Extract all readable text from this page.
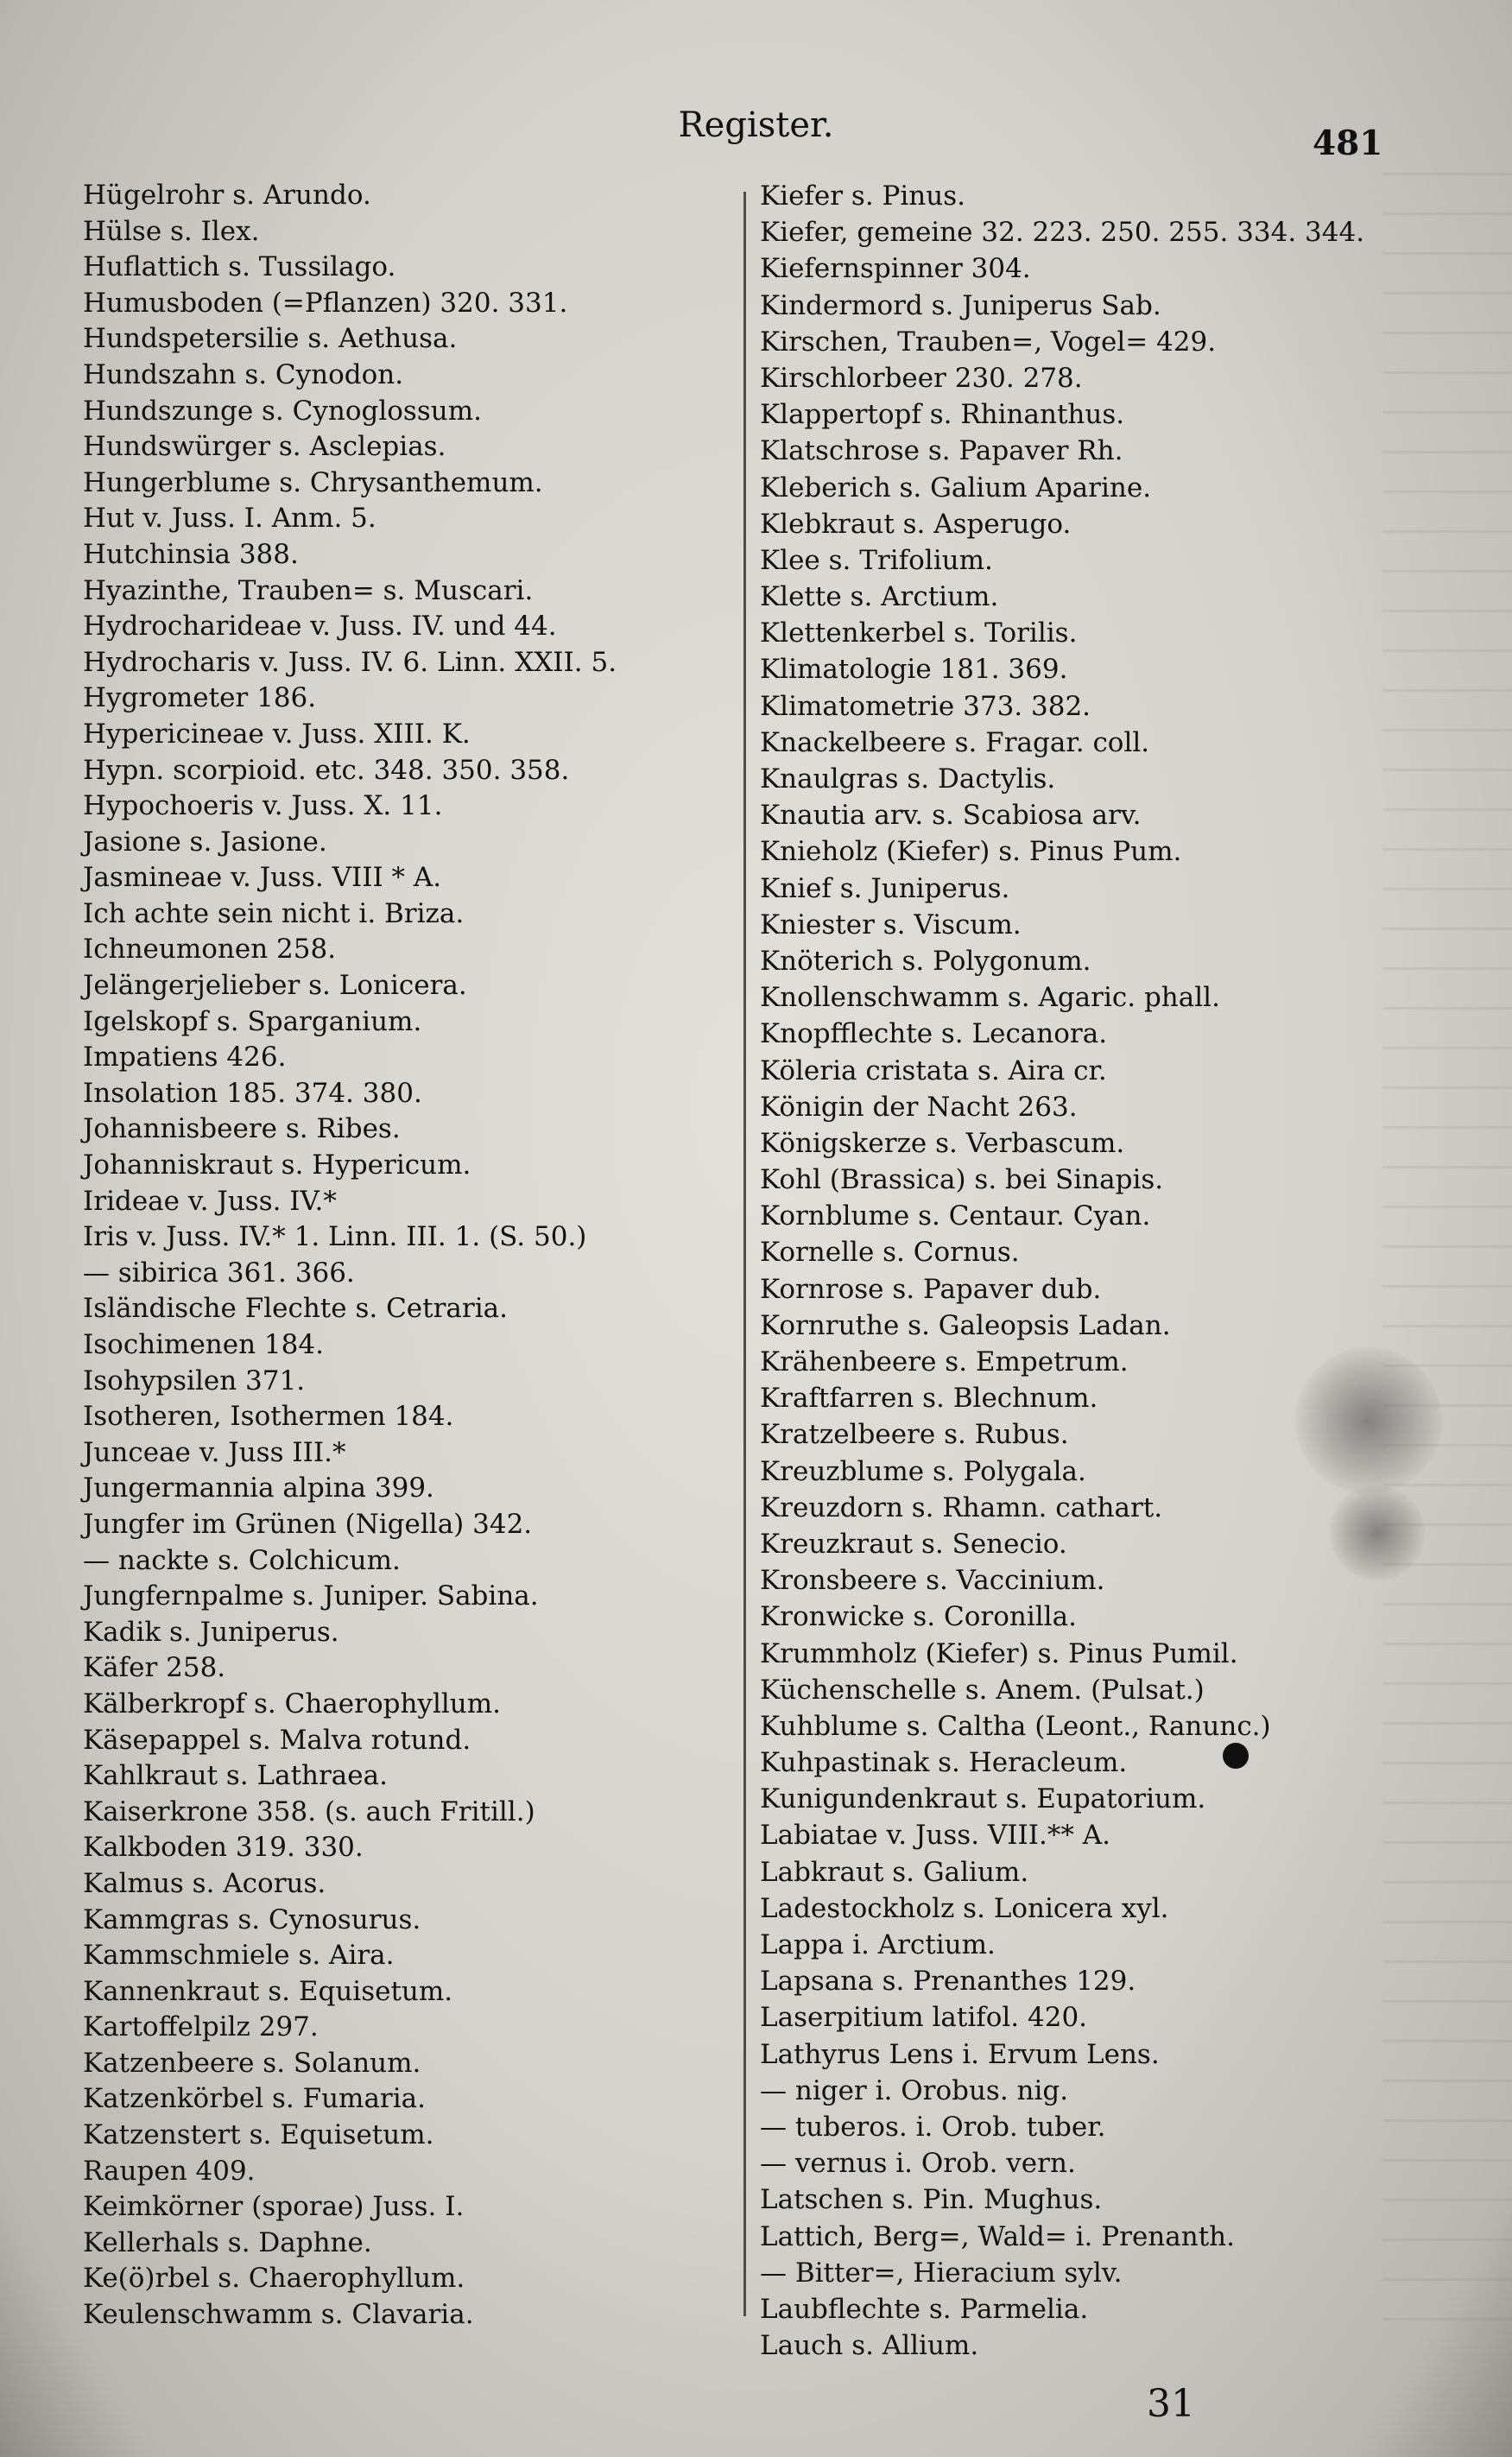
Register.	481
Hügelrohr s. Arundo.
Hülse s. Ilex.
Huflattich s. Tussilago.
Humusboden (=Pflanzen) 320. 331.
Hundspetersilie s. Aethusa.
Hundszahn s. Cynodon.
Hundszunge s. Cynoglossum.
Hundswürger s. Asclepias.
Hungerblume s. Chrysanthemum.
Hut v. Juss. I. Anm. 5.
Hutchinsia 388.
Hyazinthe, Trauben= s. Muscari.
Hydrocharideae v. Juss. IV. und 44.
Hydrocharis v. Juss. IV. 6. Linn. XXII. 5.
Hygrometer 186.
Hypericineae v. Juss. XIII. K.
Hypn. scorpioid. etc. 348. 350. 358.
Hypochoeris v. Juss. X. 11.
Jasione s. Jasione.
Jasmineae v. Juss. VIII * A.
Ich achte sein nicht i. Briza.
Ichneumonen 258.
Jelängerjelieber s. Lonicera.
Igelskopf s. Sparganium.
Impatiens 426.
Insolation 185. 374. 380.
Johannisbeere s. Ribes.
Johanniskraut s. Hypericum.
Irideae v. Juss. IV.*
Iris v. Juss. IV.* 1. Linn. III. 1. (S. 50.)
— sibirica 361. 366.
Isländische Flechte s. Cetraria.
Isochimenen 184.
Isohypsilen 371.
Isotheren, Isothermen 184.
Junceae v. Juss III.*
Jungermannia alpina 399.
Jungfer im Grünen (Nigella) 342.
— nackte s. Colchicum.
Jungfernpalme s. Juniper. Sabina.
Kadik s. Juniperus.
Käfer 258.
Kälberkropf s. Chaerophyllum.
Käsepappel s. Malva rotund.
Kahlkraut s. Lathraea.
Kaiserkrone 358. (s. auch Fritill.)
Kalkboden 319. 330.
Kalmus s. Acorus.
Kammgras s. Cynosurus.
Kammschmiele s. Aira.
Kannenkraut s. Equisetum.
Kartoffelpilz 297.
Katzenbeere s. Solanum.
Katzenkörbel s. Fumaria.
Katzenstert s. Equisetum.
Raupen 409.
Keimkörner (sporae) Juss. I.
Kellerhals s. Daphne.
Ke(ö)rbel s. Chaerophyllum.
Keulenschwamm s. Clavaria.
Kiefer s. Pinus.
Kiefer, gemeine 32. 223. 250. 255. 334. 344.
Kiefernspinner 304.
Kindermord s. Juniperus Sab.
Kirschen, Trauben=, Vogel= 429.
Kirschlorbeer 230. 278.
Klappertopf s. Rhinanthus.
Klatschrose s. Papaver Rh.
Kleberich s. Galium Aparine.
Klebkraut s. Asperugo.
Klee s. Trifolium.
Klette s. Arctium.
Klettenkerbel s. Torilis.
Klimatologie 181. 369.
Klimatometrie 373. 382.
Knackelbeere s. Fragar. coll.
Knaulgras s. Dactylis.
Knautia arv. s. Scabiosa arv.
Knieholz (Kiefer) s. Pinus Pum.
Knief s. Juniperus.
Kniester s. Viscum.
Knöterich s. Polygonum.
Knollenschwamm s. Agaric. phall.
Knopfflechte s. Lecanora.
Köleria cristata s. Aira cr.
Königin der Nacht 263.
Königskerze s. Verbascum.
Kohl (Brassica) s. bei Sinapis.
Kornblume s. Centaur. Cyan.
Kornelle s. Cornus.
Kornrose s. Papaver dub.
Kornruthe s. Galeopsis Ladan.
Krähenbeere s. Empetrum.
Kraftfarren s. Blechnum.
Kratzelbeere s. Rubus.
Kreuzblume s. Polygala.
Kreuzdorn s. Rhamn. cathart.
Kreuzkraut s. Senecio.
Kronsbeere s. Vaccinium.
Kronwicke s. Coronilla.
Krummholz (Kiefer) s. Pinus Pumil.
Küchenschelle s. Anem. (Pulsat.)
Kuhblume s. Caltha (Leont., Ranunc.)
Kuhpastinak s. Heracleum.
Kunigundenkraut s. Eupatorium.
Labiatae v. Juss. VIII.** A.
Labkraut s. Galium.
Ladestockholz s. Lonicera xyl.
Lappa i. Arctium.
Lapsana s. Prenanthes 129.
Laserpitium latifol. 420.
Lathyrus Lens i. Ervum Lens.
— niger i. Orobus. nig.
— tuberos. i. Orob. tuber.
— vernus i. Orob. vern.
Latschen s. Pin. Mughus.
Lattich, Berg=, Wald= i. Prenanth.
— Bitter=, Hieracium sylv.
Laubflechte s. Parmelia.
Lauch s. Allium.
31
